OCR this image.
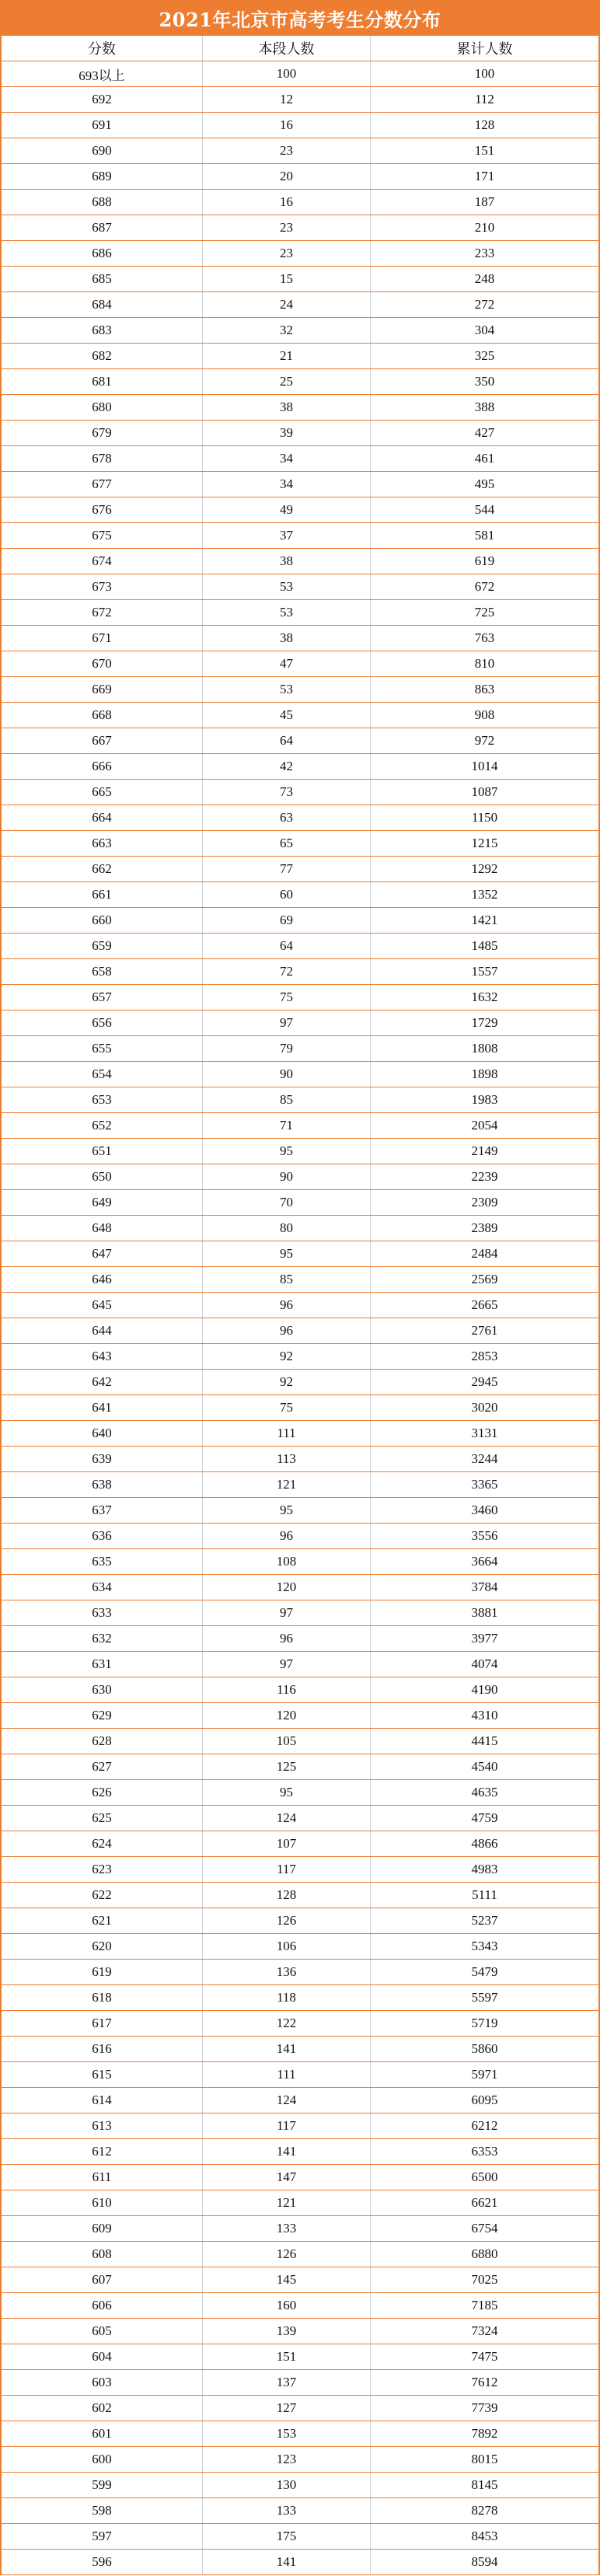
2021年北京市高考考生分数分布
分数	本段人数	累计人数
693以上	100	100
692	12	112
691	16	128
690	23	151
689	20	171
688	16	187
687	23	210
686	23	233
685	15	248
684	24	272
683	32	304
682	21	325
681	25	350
680	38	388
679	39	427
678	34	461
677	34	495
676	49	544
675	37	581
674	38	619
673	53	672
672	53	725
671	38	763
670	47	810
669	53	863
668	45	908
667	64	972
666	42	1014
665	73	1087
664	63	1150
663	65	1215
662	77	1292
661	60	1352
660	69	1421
659	64	1485
658	72	1557
657	75	1632
656	97	1729
655	79	1808
654	90	1898
653	85	1983
652	71	2054
651	95	2149
650	90	2239
649	70	2309
648	80	2389
647	95	2484
646	85	2569
645	96	2665
644	96	2761
643	92	2853
642	92	2945
641	75	3020
640	111	3131
639	113	3244
638	121	3365
637	95	3460
636	96	3556
635	108	3664
634	120	3784
633	97	3881
632	96	3977
631	97	4074
630	116	4190
629	120	4310
628	105	4415
627	125	4540
626	95	4635
625	124	4759
624	107	4866
623	117	4983
622	128	5111
621	126	5237
620	106	5343
619	136	5479
618	118	5597
617	122	5719
616	141	5860
615	111	5971
614	124	6095
613	117	6212
612	141	6353
611	147	6500
610	121	6621
609	133	6754
608	126	6880
607	145	7025
606	160	7185
605	139	7324
604	151	7475
603	137	7612
602	127	7739
601	153	7892
600	123	8015
599	130	8145
598	133	8278
597	175	8453
596	141	8594
